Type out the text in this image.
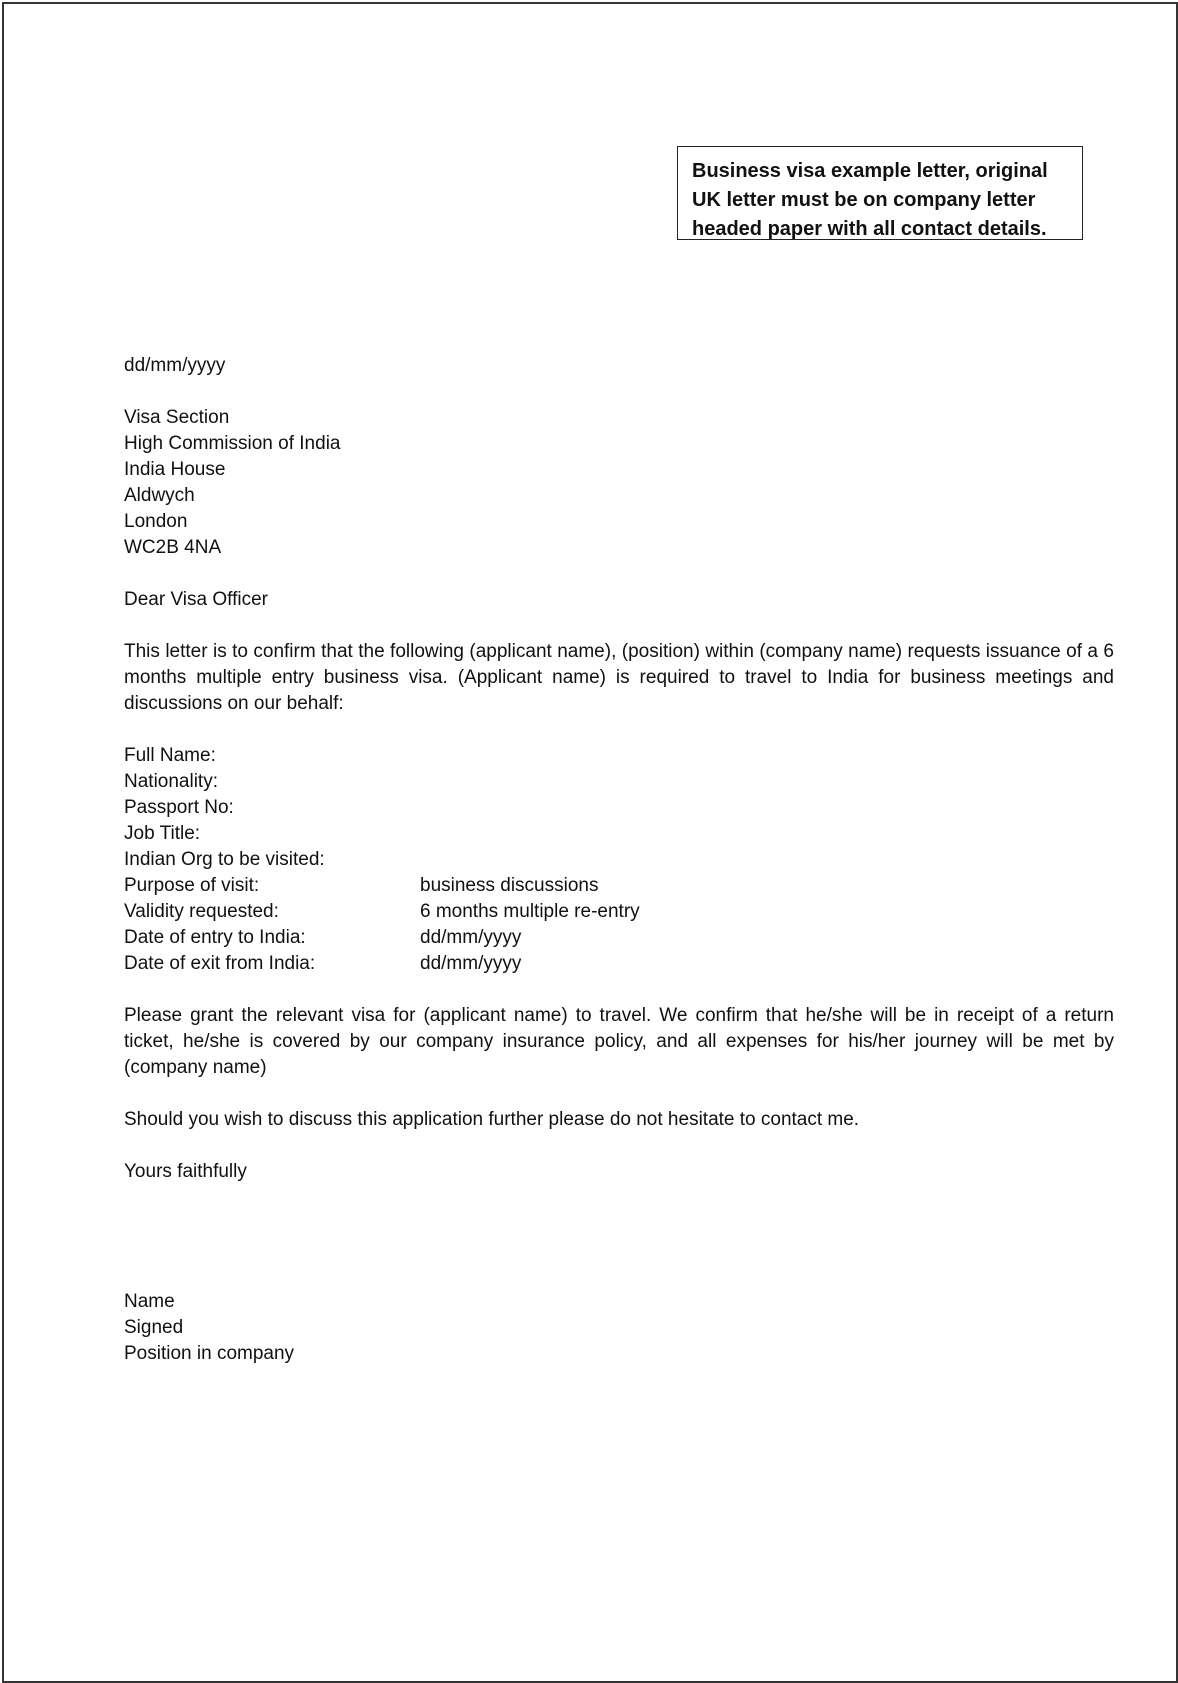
Business visa example letter, original
UK letter must be on company letter
headed paper with all contact details.
dd/mm/yyyy
Visa Section
High Commission of India
India House
Aldwych
London
WC2B 4NA
Dear Visa Officer

This letter is to confirm that the following (applicant name), (position) within (company name) requests issuance of a 6 months multiple entry business visa. (Applicant name) is required to travel to India for business meetings and discussions on our behalf:

Full Name:
Nationality:
Passport No:
Job Title:
Indian Org to be visited:
Purpose of visit:	business discussions
Validity requested:	6 months multiple re-entry
Date of entry to India:	dd/mm/yyyy
Date of exit from India:	dd/mm/yyyy

Please grant the relevant visa for (applicant name) to travel. We confirm that he/she will be in receipt of a return ticket, he/she is covered by our company insurance policy, and all expenses for his/her journey will be met by (company name)

Should you wish to discuss this application further please do not hesitate to contact me.

Yours faithfully
Name
Signed
Position in company
